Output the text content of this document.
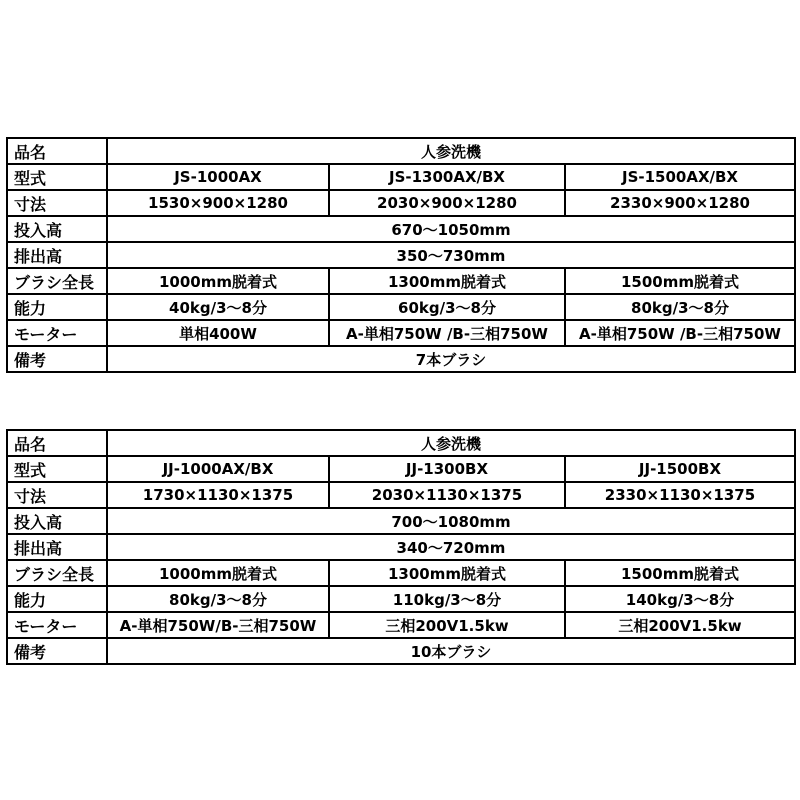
品名	人参洗機		
型式	JS-1000AX	JS-1300AX/BX	JS-1500AX/BX
寸法	1530×900×1280	2030×900×1280	2330×900×1280
投入高	670〜1050mm		
排出高	350〜730mm		
ブラシ全長	1000mm脱着式	1300mm脱着式	1500mm脱着式
能力	40kg/3〜8分	60kg/3〜8分	80kg/3〜8分
モーター	単相400W	A-単相750W /B-三相750W	A-単相750W /B-三相750W
備考	7本ブラシ		
品名	人参洗機		
型式	JJ-1000AX/BX	JJ-1300BX	JJ-1500BX
寸法	1730×1130×1375	2030×1130×1375	2330×1130×1375
投入高	700〜1080mm		
排出高	340〜720mm		
ブラシ全長	1000mm脱着式	1300mm脱着式	1500mm脱着式
能力	80kg/3〜8分	110kg/3〜8分	140kg/3〜8分
モーター	A-単相750W/B-三相750W	三相200V1.5kw	三相200V1.5kw
備考	10本ブラシ		
